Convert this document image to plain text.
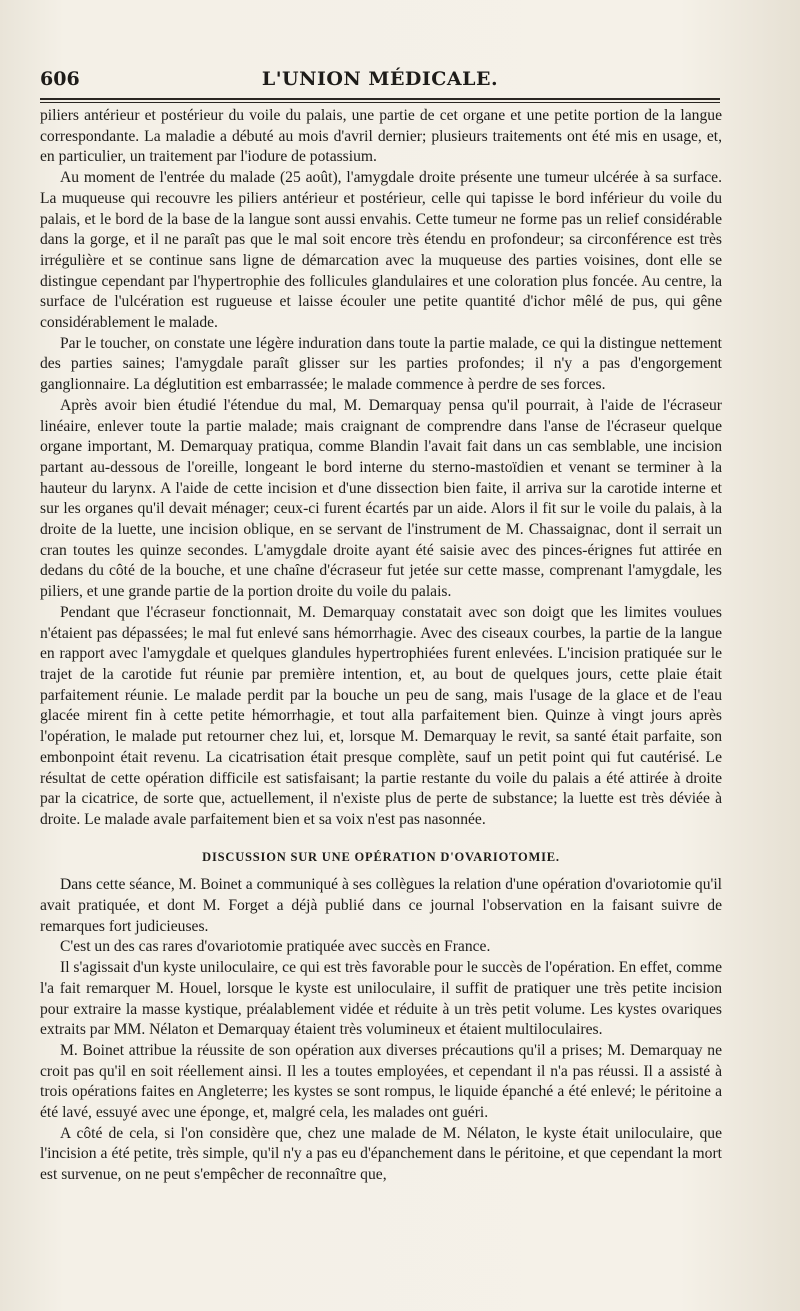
606	L'UNION MÉDICALE.

piliers antérieur et postérieur du voile du palais, une partie de cet organe et une petite portion de la langue correspondante. La maladie a débuté au mois d'avril dernier; plusieurs traitements ont été mis en usage, et, en particulier, un traitement par l'iodure de potassium.

Au moment de l'entrée du malade (25 août), l'amygdale droite présente une tumeur ulcérée à sa surface. La muqueuse qui recouvre les piliers antérieur et postérieur, celle qui tapisse le bord inférieur du voile du palais, et le bord de la base de la langue sont aussi envahis. Cette tumeur ne forme pas un relief considérable dans la gorge, et il ne paraît pas que le mal soit encore très étendu en profondeur; sa circonférence est très irrégulière et se continue sans ligne de démarcation avec la muqueuse des parties voisines, dont elle se distingue cependant par l'hypertrophie des follicules glandulaires et une coloration plus foncée. Au centre, la surface de l'ulcération est rugueuse et laisse écouler une petite quantité d'ichor mêlé de pus, qui gêne considérablement le malade.

Par le toucher, on constate une légère induration dans toute la partie malade, ce qui la distingue nettement des parties saines; l'amygdale paraît glisser sur les parties profondes; il n'y a pas d'engorgement ganglionnaire. La déglutition est embarrassée; le malade commence à perdre de ses forces.

Après avoir bien étudié l'étendue du mal, M. Demarquay pensa qu'il pourrait, à l'aide de l'écraseur linéaire, enlever toute la partie malade; mais craignant de comprendre dans l'anse de l'écraseur quelque organe important, M. Demarquay pratiqua, comme Blandin l'avait fait dans un cas semblable, une incision partant au-dessous de l'oreille, longeant le bord interne du sterno-mastoïdien et venant se terminer à la hauteur du larynx. A l'aide de cette incision et d'une dissection bien faite, il arriva sur la carotide interne et sur les organes qu'il devait ménager; ceux-ci furent écartés par un aide. Alors il fit sur le voile du palais, à la droite de la luette, une incision oblique, en se servant de l'instrument de M. Chassaignac, dont il serrait un cran toutes les quinze secondes. L'amygdale droite ayant été saisie avec des pinces-érignes fut attirée en dedans du côté de la bouche, et une chaîne d'écraseur fut jetée sur cette masse, comprenant l'amygdale, les piliers, et une grande partie de la portion droite du voile du palais.

Pendant que l'écraseur fonctionnait, M. Demarquay constatait avec son doigt que les limites voulues n'étaient pas dépassées; le mal fut enlevé sans hémorrhagie. Avec des ciseaux courbes, la partie de la langue en rapport avec l'amygdale et quelques glandules hypertrophiées furent enlevées. L'incision pratiquée sur le trajet de la carotide fut réunie par première intention, et, au bout de quelques jours, cette plaie était parfaitement réunie. Le malade perdit par la bouche un peu de sang, mais l'usage de la glace et de l'eau glacée mirent fin à cette petite hémorrhagie, et tout alla parfaitement bien. Quinze à vingt jours après l'opération, le malade put retourner chez lui, et, lorsque M. Demarquay le revit, sa santé était parfaite, son embonpoint était revenu. La cicatrisation était presque complète, sauf un petit point qui fut cautérisé. Le résultat de cette opération difficile est satisfaisant; la partie restante du voile du palais a été attirée à droite par la cicatrice, de sorte que, actuellement, il n'existe plus de perte de substance; la luette est très déviée à droite. Le malade avale parfaitement bien et sa voix n'est pas nasonnée.

DISCUSSION SUR UNE OPÉRATION D'OVARIOTOMIE.

Dans cette séance, M. Boinet a communiqué à ses collègues la relation d'une opération d'ovariotomie qu'il avait pratiquée, et dont M. Forget a déjà publié dans ce journal l'observation en la faisant suivre de remarques fort judicieuses.

C'est un des cas rares d'ovariotomie pratiquée avec succès en France.

Il s'agissait d'un kyste uniloculaire, ce qui est très favorable pour le succès de l'opération. En effet, comme l'a fait remarquer M. Houel, lorsque le kyste est uniloculaire, il suffit de pratiquer une très petite incision pour extraire la masse kystique, préalablement vidée et réduite à un très petit volume. Les kystes ovariques extraits par MM. Nélaton et Demarquay étaient très volumineux et étaient multiloculaires.

M. Boinet attribue la réussite de son opération aux diverses précautions qu'il a prises; M. Demarquay ne croit pas qu'il en soit réellement ainsi. Il les a toutes employées, et cependant il n'a pas réussi. Il a assisté à trois opérations faites en Angleterre; les kystes se sont rompus, le liquide épanché a été enlevé; le péritoine a été lavé, essuyé avec une éponge, et, malgré cela, les malades ont guéri.

A côté de cela, si l'on considère que, chez une malade de M. Nélaton, le kyste était uniloculaire, que l'incision a été petite, très simple, qu'il n'y a pas eu d'épanchement dans le péritoine, et que cependant la mort est survenue, on ne peut s'empêcher de reconnaître que,
